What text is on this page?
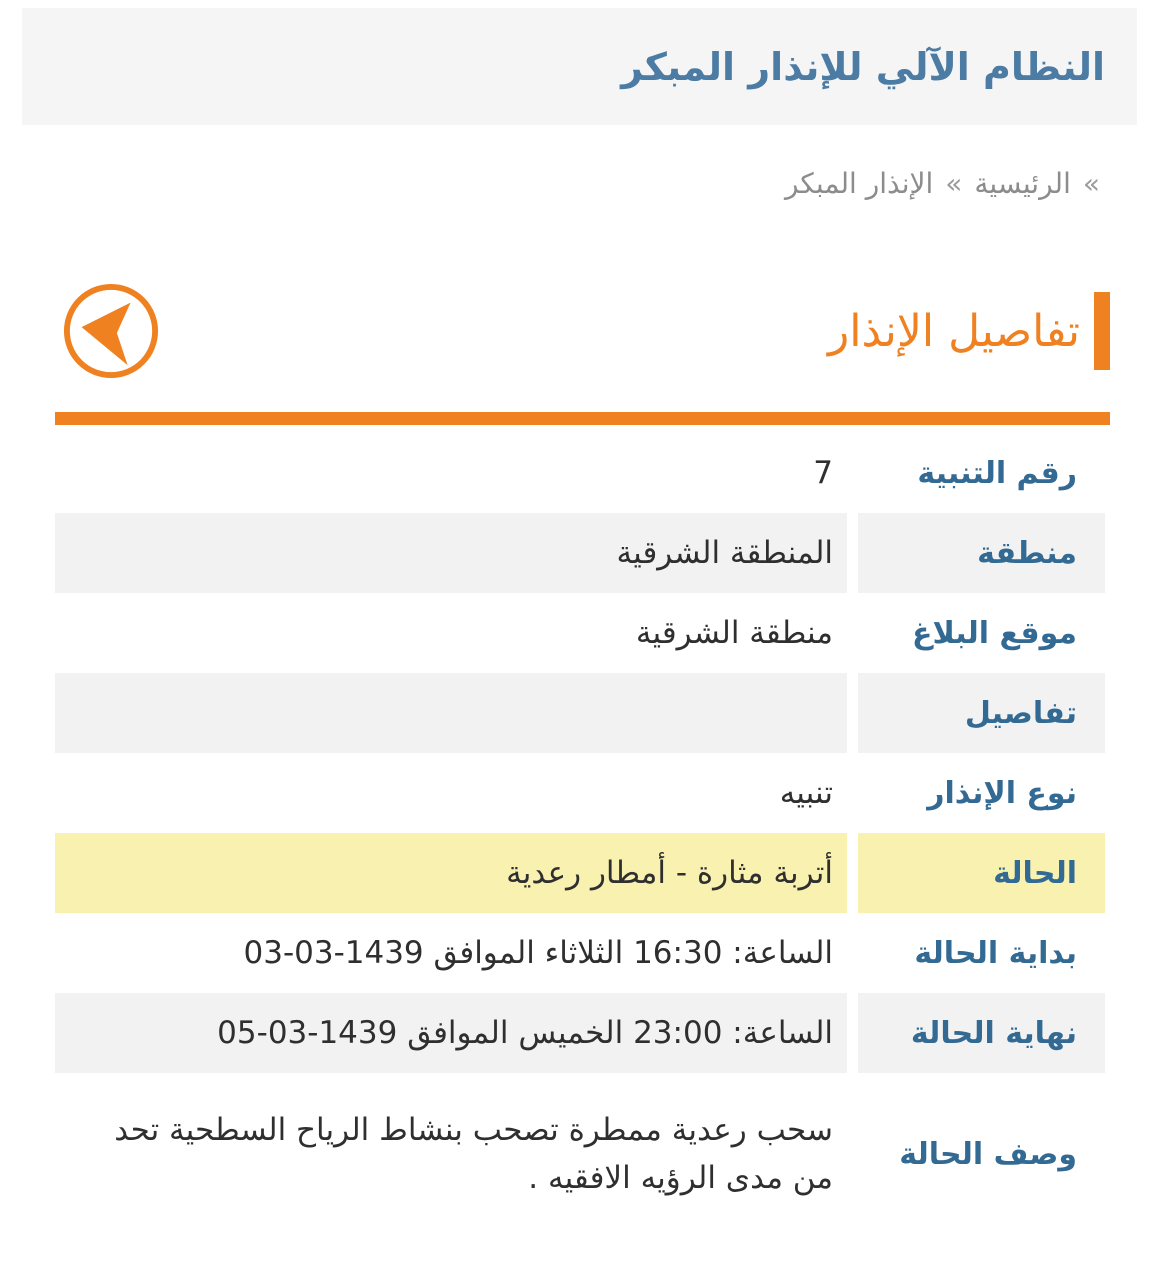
النظام الآلي للإنذار المبكر
«
الرئيسية
«
الإنذار المبكر
تفاصيل الإنذار
رقم التنبية
7
منطقة
المنطقة الشرقية
موقع البلاغ
منطقة الشرقية
تفاصيل
نوع الإنذار
تنبيه
الحالة
أتربة مثارة - أمطار رعدية
بداية الحالة
الساعة: 16:30 الثلاثاء الموافق 1439-03-03
نهاية الحالة
الساعة: 23:00 الخميس الموافق 1439-03-05
وصف الحالة
سحب رعدية ممطرة تصحب بنشاط الرياح السطحية تحد من مدى الرؤيه الافقيه .
